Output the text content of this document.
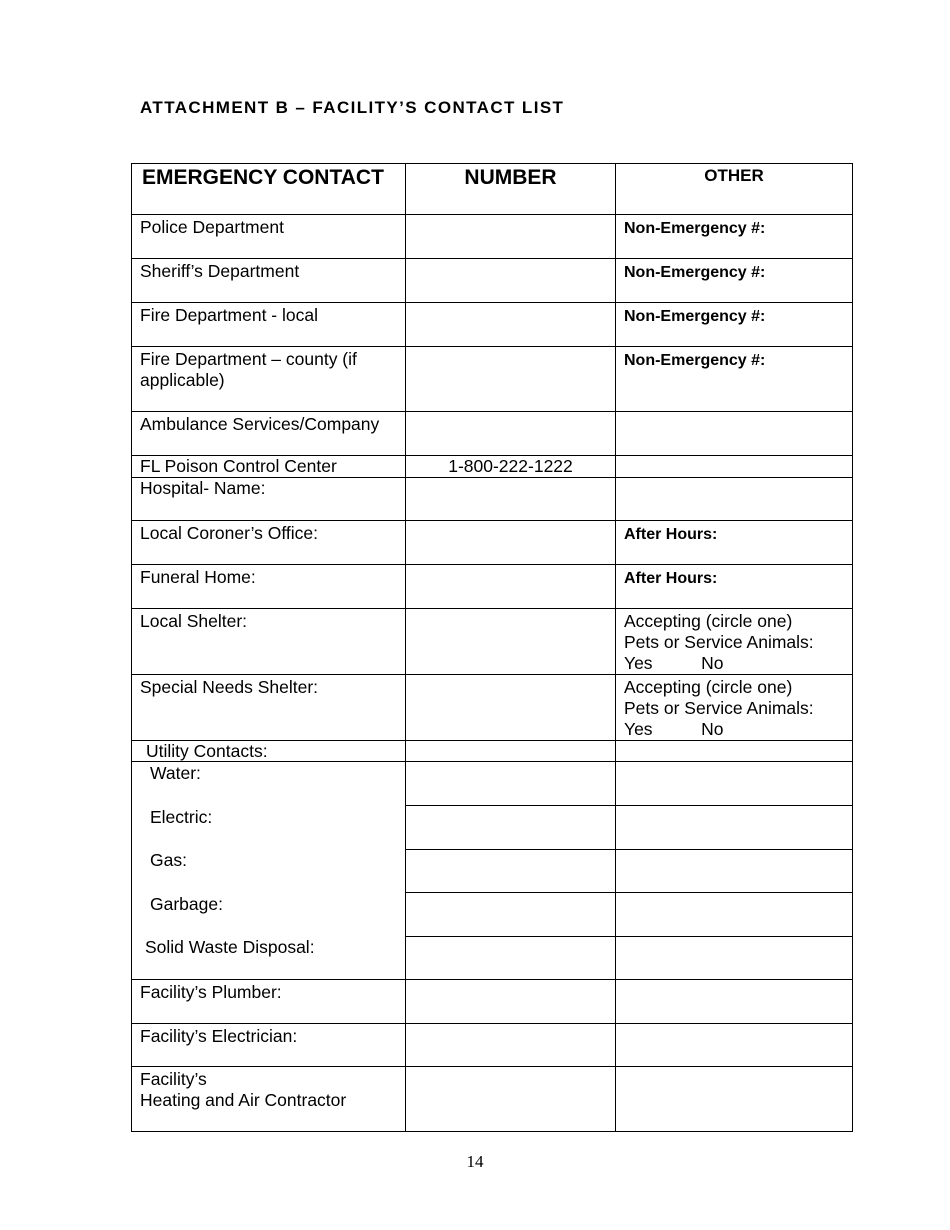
ATTACHMENT B – FACILITY’S CONTACT LIST
EMERGENCY CONTACT	NUMBER	OTHER
Police Department		Non-Emergency #:
Sheriff’s Department		Non-Emergency #:
Fire Department - local		Non-Emergency #:
Fire Department – county (if applicable)		Non-Emergency #:
Ambulance Services/Company		
FL Poison Control Center	1-800-222-1222	
Hospital- Name:		
Local Coroner’s Office:		After Hours:
Funeral Home:		After Hours:
Local Shelter:		Accepting (circle one)
Pets or Service Animals:
Yes          No

Special Needs Shelter:		Accepting (circle one)
Pets or Service Animals:
Yes          No

Utility Contacts:		

Water:
Electric:
Gas:
Garbage:
Solid Waste Disposal:		

Facility’s Plumber:		
Facility’s Electrician:		

Facility’s
Heating and Air Contractor		

14
